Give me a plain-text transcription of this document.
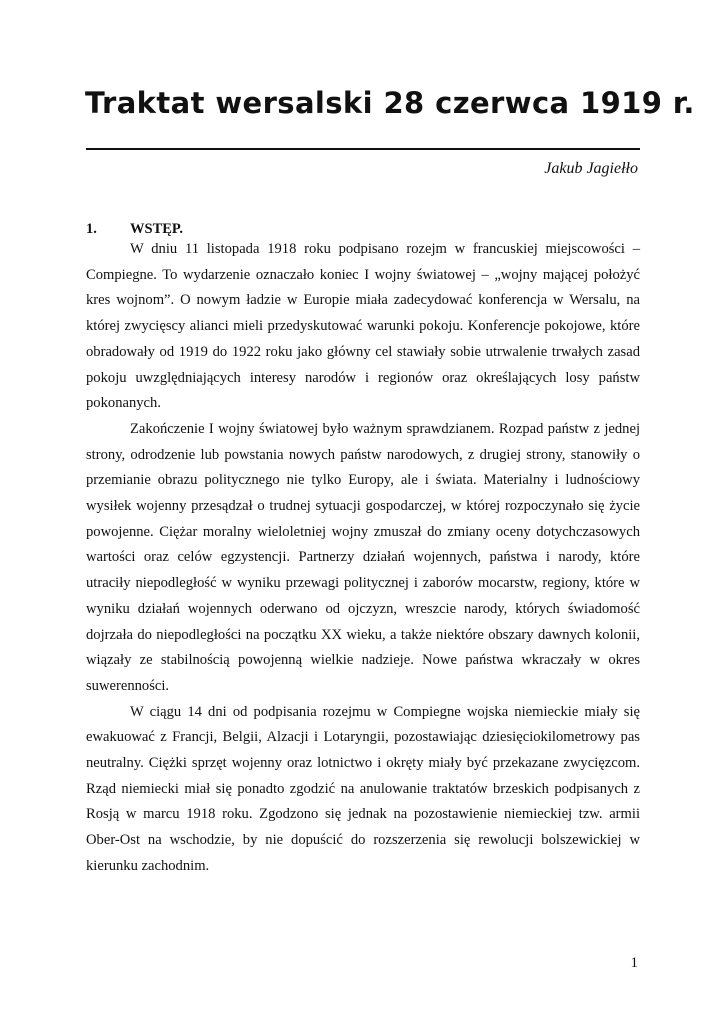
Traktat wersalski 28 czerwca 1919 r.
Jakub Jagiełło
1. WSTĘP.

W dniu 11 listopada 1918 roku podpisano rozejm w francuskiej miejscowości – Compiegne. To wydarzenie oznaczało koniec I wojny światowej – „wojny mającej położyć kres wojnom”. O nowym ładzie w Europie miała zadecydować konferencja w Wersalu, na której zwycięscy alianci mieli przedyskutować warunki pokoju. Konferencje pokojowe, które obradowały od 1919 do 1922 roku jako główny cel stawiały sobie utrwalenie trwałych zasad pokoju uwzględniających interesy narodów i regionów oraz określających losy państw pokonanych.

Zakończenie I wojny światowej było ważnym sprawdzianem. Rozpad państw z jednej strony, odrodzenie lub powstania nowych państw narodowych, z drugiej strony, stanowiły o przemianie obrazu politycznego nie tylko Europy, ale i świata. Materialny i ludnościowy wysiłek wojenny przesądzał o trudnej sytuacji gospodarczej, w której rozpoczynało się życie powojenne. Ciężar moralny wieloletniej wojny zmuszał do zmiany oceny dotychczasowych wartości oraz celów egzystencji. Partnerzy działań wojennych, państwa i narody, które utraciły niepodległość w wyniku przewagi politycznej i zaborów mocarstw, regiony, które w wyniku działań wojennych oderwano od ojczyzn, wreszcie narody, których świadomość dojrzała do niepodległości na początku XX wieku, a także niektóre obszary dawnych kolonii, wiązały ze stabilnością powojenną wielkie nadzieje. Nowe państwa wkraczały w okres suwerenności.

W ciągu 14 dni od podpisania rozejmu w Compiegne wojska niemieckie miały się ewakuować z Francji, Belgii, Alzacji i Lotaryngii, pozostawiając dziesięciokilometrowy pas neutralny. Ciężki sprzęt wojenny oraz lotnictwo i okręty miały być przekazane zwycięzcom. Rząd niemiecki miał się ponadto zgodzić na anulowanie traktatów brzeskich podpisanych z Rosją w marcu 1918 roku. Zgodzono się jednak na pozostawienie niemieckiej tzw. armii Ober-Ost na wschodzie, by nie dopuścić do rozszerzenia się rewolucji bolszewickiej w kierunku zachodnim.

1
